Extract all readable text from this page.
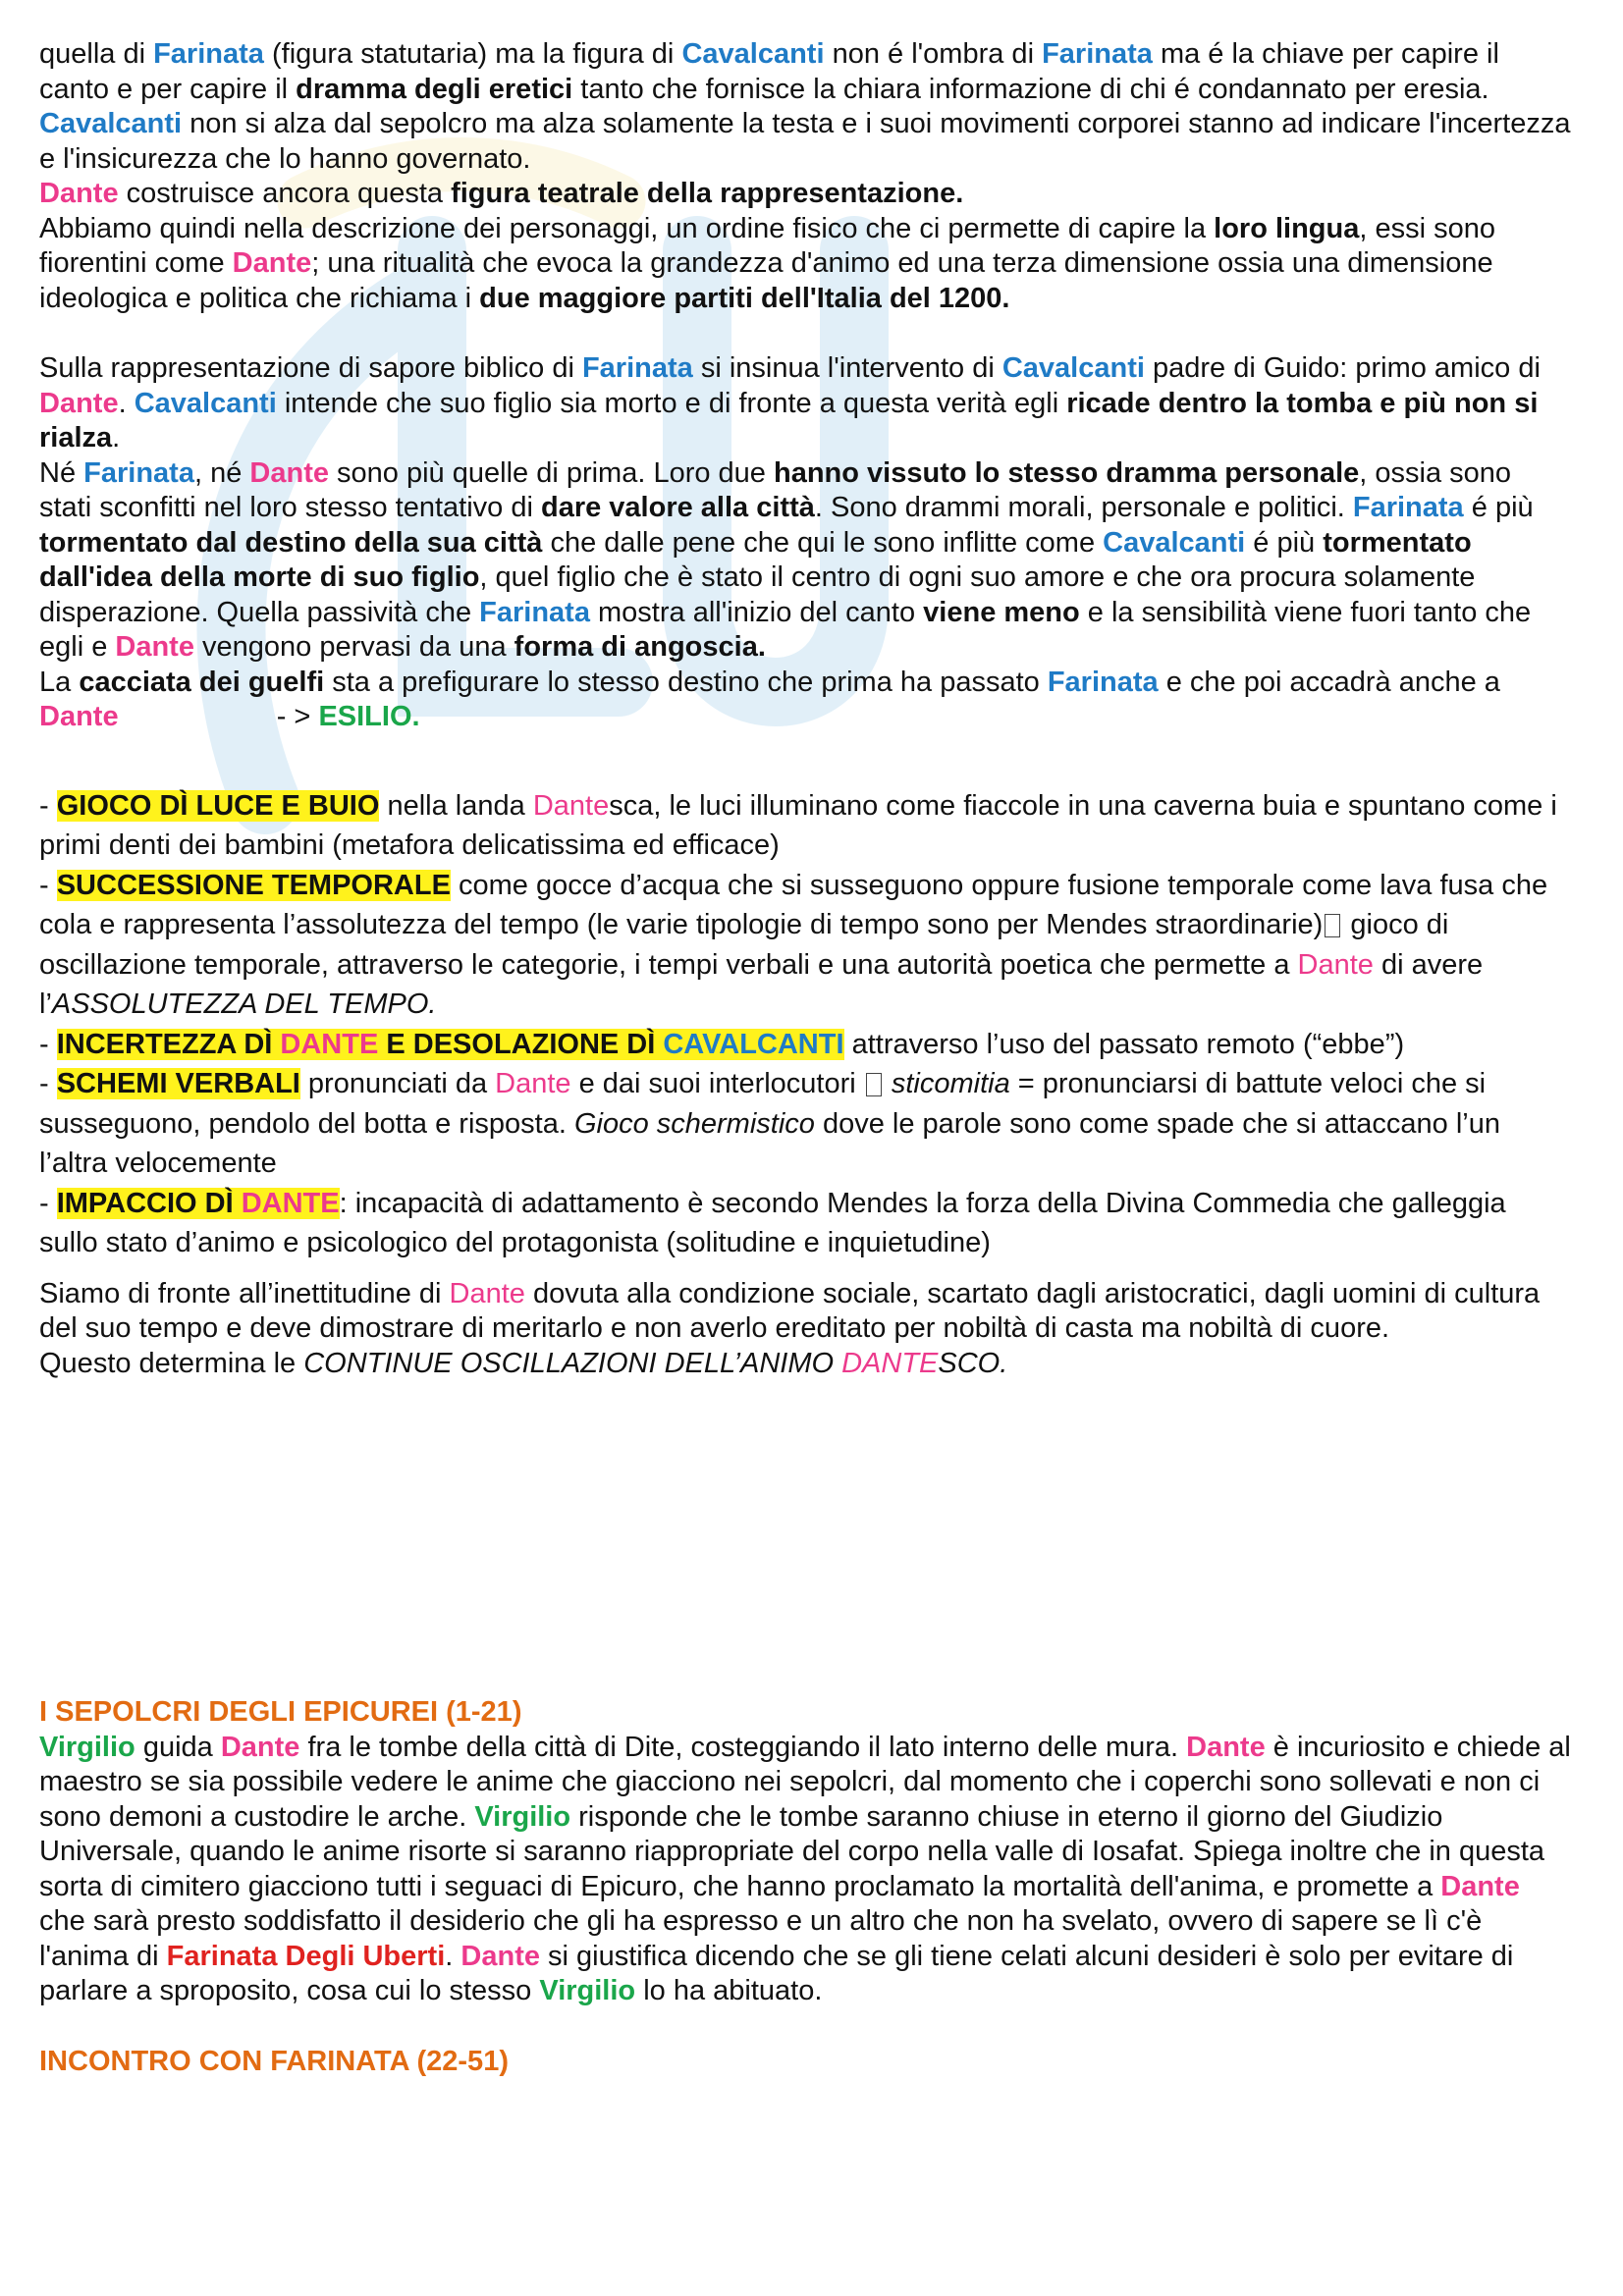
quella di Farinata (figura statutaria) ma la figura di Cavalcanti non é l'ombra di Farinata ma é la chiave per capire il canto e per capire il dramma degli eretici tanto che fornisce la chiara informazione di chi é condannato per eresia.

Cavalcanti non si alza dal sepolcro ma alza solamente la testa e i suoi movimenti corporei stanno ad indicare l'incertezza e l'insicurezza che lo hanno governato.

Dante costruisce ancora questa figura teatrale della rappresentazione.

Abbiamo quindi nella descrizione dei personaggi, un ordine fisico che ci permette di capire la loro lingua, essi sono fiorentini come Dante; una ritualità che evoca la grandezza d'animo ed una terza dimensione ossia una dimensione ideologica e politica che richiama i due maggiore partiti dell'Italia del 1200.

Sulla rappresentazione di sapore biblico di Farinata si insinua l'intervento di Cavalcanti padre di Guido: primo amico di Dante. Cavalcanti intende che suo figlio sia morto e di fronte a questa verità egli ricade dentro la tomba e più non si rialza.

Né Farinata, né Dante sono più quelle di prima. Loro due hanno vissuto lo stesso dramma personale, ossia sono stati sconfitti nel loro stesso tentativo di dare valore alla città. Sono drammi morali, personale e politici. Farinata é più tormentato dal destino della sua città che dalle pene che qui le sono inflitte come Cavalcanti é più tormentato dall'idea della morte di suo figlio, quel figlio che è stato il centro di ogni suo amore e che ora procura solamente disperazione. Quella passività che Farinata mostra all'inizio del canto viene meno e la sensibilità viene fuori tanto che egli e Dante vengono pervasi da una forma di angoscia.

La cacciata dei guelfi sta a prefigurare lo stesso destino che prima ha passato Farinata e che poi accadrà anche a Dante                    - > ESILIO.

- GIOCO DÌ LUCE E BUIO nella landa Dantesca, le luci illuminano come fiaccole in una caverna buia e spuntano come i primi denti dei bambini (metafora delicatissima ed efficace)

- SUCCESSIONE TEMPORALE come gocce d’acqua che si susseguono oppure fusione temporale come lava fusa che cola e rappresenta l’assolutezza del tempo (le varie tipologie di tempo sono per Mendes straordinarie) gioco di oscillazione temporale, attraverso le categorie, i tempi verbali e una autorità poetica che permette a Dante di avere l’ASSOLUTEZZA DEL TEMPO.

- INCERTEZZA DÌ DANTE E DESOLAZIONE DÌ CAVALCANTI attraverso l’uso del passato remoto (“ebbe”)

- SCHEMI VERBALI pronunciati da Dante e dai suoi interlocutori  sticomitia = pronunciarsi di battute veloci che si susseguono, pendolo del botta e risposta. Gioco schermistico dove le parole sono come spade che si attaccano l’un l’altra velocemente

- IMPACCIO DÌ DANTE: incapacità di adattamento è secondo Mendes la forza della Divina Commedia che galleggia sullo stato d’animo e psicologico del protagonista (solitudine e inquietudine)

Siamo di fronte all’inettitudine di Dante dovuta alla condizione sociale, scartato dagli aristocratici, dagli uomini di cultura del suo tempo e deve dimostrare di meritarlo e non averlo ereditato per nobiltà di casta ma nobiltà di cuore.                   Questo determina le CONTINUE OSCILLAZIONI DELL’ANIMO DANTESCO.

I SEPOLCRI DEGLI EPICUREI (1-21)

Virgilio guida Dante fra le tombe della città di Dite, costeggiando il lato interno delle mura. Dante è incuriosito e chiede al maestro se sia possibile vedere le anime che giacciono nei sepolcri, dal momento che i coperchi sono sollevati e non ci sono demoni a custodire le arche. Virgilio risponde che le tombe saranno chiuse in eterno il giorno del Giudizio Universale, quando le anime risorte si saranno riappropriate del corpo nella valle di Iosafat. Spiega inoltre che in questa sorta di cimitero giacciono tutti i seguaci di Epicuro, che hanno proclamato la mortalità dell'anima, e promette a Dante che sarà presto soddisfatto il desiderio che gli ha espresso e un altro che non ha svelato, ovvero di sapere se lì c'è l'anima di Farinata Degli Uberti. Dante si giustifica dicendo che se gli tiene celati alcuni desideri è solo per evitare di parlare a sproposito, cosa cui lo stesso Virgilio lo ha abituato.

INCONTRO CON FARINATA (22-51)
